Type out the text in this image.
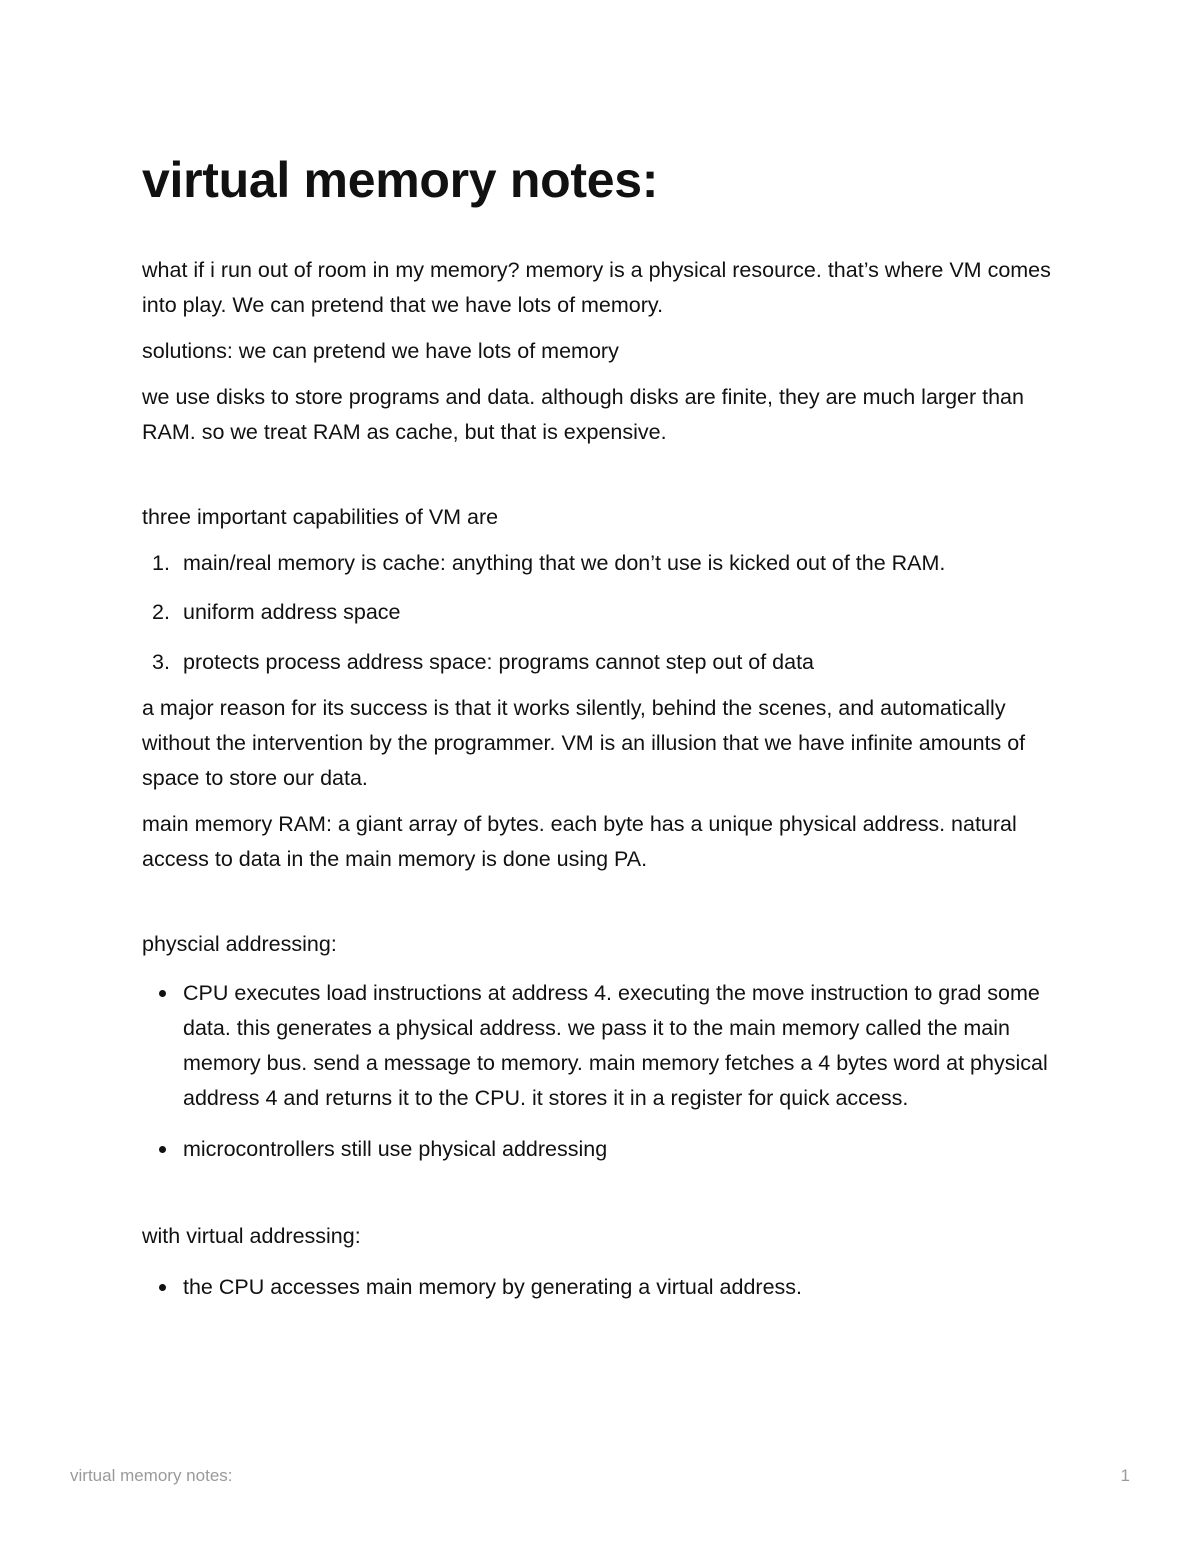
virtual memory notes:

what if i run out of room in my memory? memory is a physical resource. that’s where VM comes into play. We can pretend that we have lots of memory.

solutions: we can pretend we have lots of memory

we use disks to store programs and data. although disks are finite, they are much larger than RAM. so we treat RAM as cache, but that is expensive.

three important capabilities of VM are

1. main/real memory is cache: anything that we don’t use is kicked out of the RAM.
2. uniform address space
3. protects process address space: programs cannot step out of data

a major reason for its success is that it works silently, behind the scenes, and automatically without the intervention by the programmer. VM is an illusion that we have infinite amounts of space to store our data.

main memory RAM: a giant array of bytes. each byte has a unique physical address. natural access to data in the main memory is done using PA.

physcial addressing:

CPU executes load instructions at address 4. executing the move instruction to grad some data. this generates a physical address. we pass it to the main memory called the main memory bus. send a message to memory. main memory fetches a 4 bytes word at physical address 4 and returns it to the CPU. it stores it in a register for quick access.
microcontrollers still use physical addressing

with virtual addressing:

the CPU accesses main memory by generating a virtual address.
virtual memory notes:	1
